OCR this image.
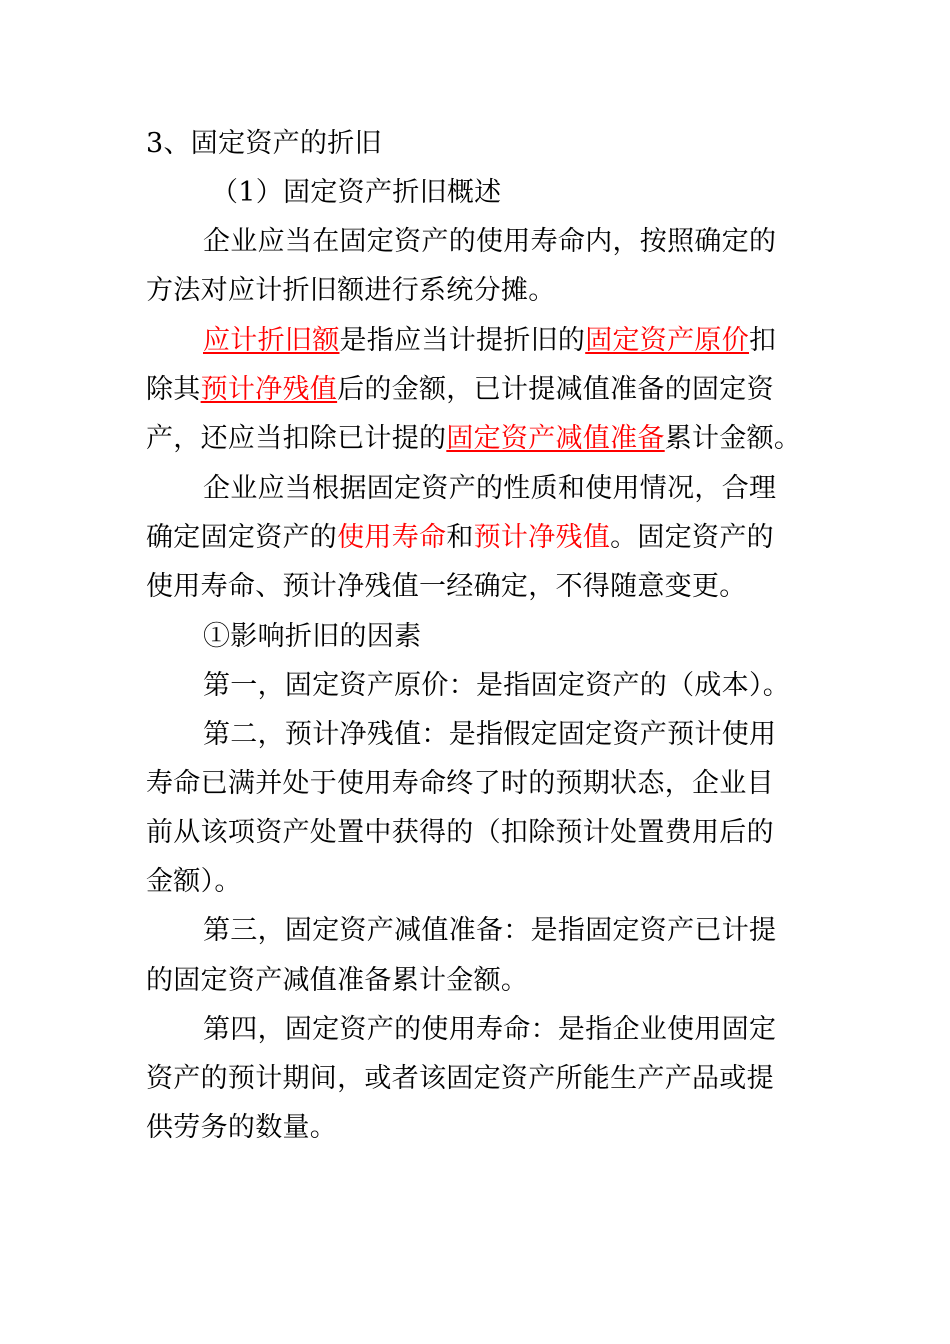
3、固定资产的折旧
（1）固定资产折旧概述
企业应当在固定资产的使用寿命内，按照确定的
方法对应计折旧额进行系统分摊。
应计折旧额是指应当计提折旧的固定资产原价扣
除其预计净残值后的金额，已计提减值准备的固定资
产，还应当扣除已计提的固定资产减值准备累计金额。
企业应当根据固定资产的性质和使用情况，合理
确定固定资产的使用寿命和预计净残值。固定资产的
使用寿命、预计净残值一经确定，不得随意变更。
①影响折旧的因素
第一，固定资产原价：是指固定资产的（成本）。
第二，预计净残值：是指假定固定资产预计使用
寿命已满并处于使用寿命终了时的预期状态，企业目
前从该项资产处置中获得的（扣除预计处置费用后的
金额）。
第三，固定资产减值准备：是指固定资产已计提
的固定资产减值准备累计金额。
第四，固定资产的使用寿命：是指企业使用固定
资产的预计期间，或者该固定资产所能生产产品或提
供劳务的数量。
